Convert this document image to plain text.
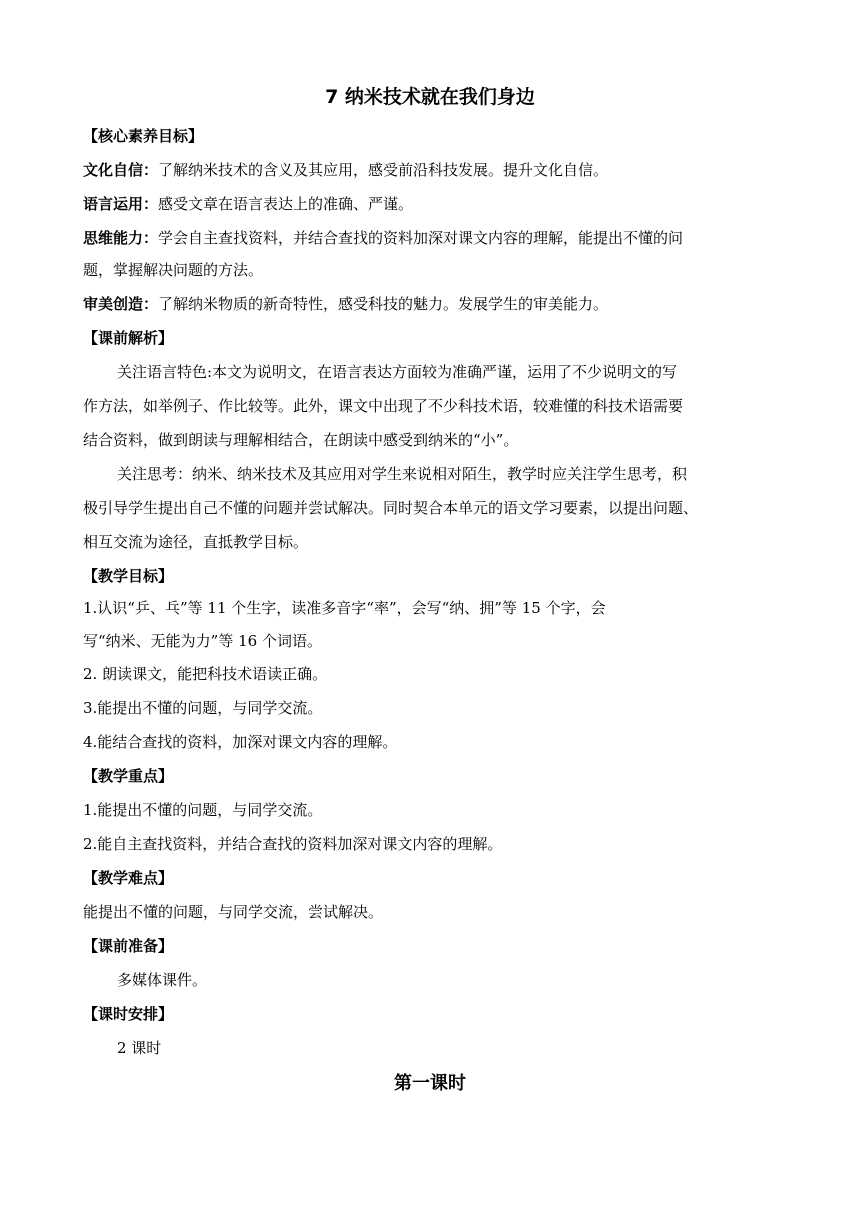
7 纳米技术就在我们身边
【核心素养目标】
文化自信：了解纳米技术的含义及其应用，感受前沿科技发展。提升文化自信。
语言运用：感受文章在语言表达上的准确、严谨。
思维能力：学会自主查找资料，并结合查找的资料加深对课文内容的理解，能提出不懂的问
题，掌握解决问题的方法。
审美创造：了解纳米物质的新奇特性，感受科技的魅力。发展学生的审美能力。
【课前解析】
关注语言特色:本文为说明文，在语言表达方面较为准确严谨，运用了不少说明文的写
作方法，如举例子、作比较等。此外，课文中出现了不少科技术语，较难懂的科技术语需要
结合资料，做到朗读与理解相结合，在朗读中感受到纳米的“小”。
关注思考：纳米、纳米技术及其应用对学生来说相对陌生，教学时应关注学生思考，积
极引导学生提出自己不懂的问题并尝试解决。同时契合本单元的语文学习要素，以提出问题、
相互交流为途径，直抵教学目标。
【教学目标】
1.认识“乒、乓”等 11 个生字，读准多音字“率”，会写“纳、拥”等 15 个字，会
写“纳米、无能为力”等 16 个词语。
2. 朗读课文，能把科技术语读正确。
3.能提出不懂的问题，与同学交流。
4.能结合查找的资料，加深对课文内容的理解。
【教学重点】
1.能提出不懂的问题，与同学交流。
2.能自主查找资料，并结合查找的资料加深对课文内容的理解。
【教学难点】
能提出不懂的问题，与同学交流，尝试解决。
【课前准备】
多媒体课件。
【课时安排】
2 课时
第一课时
